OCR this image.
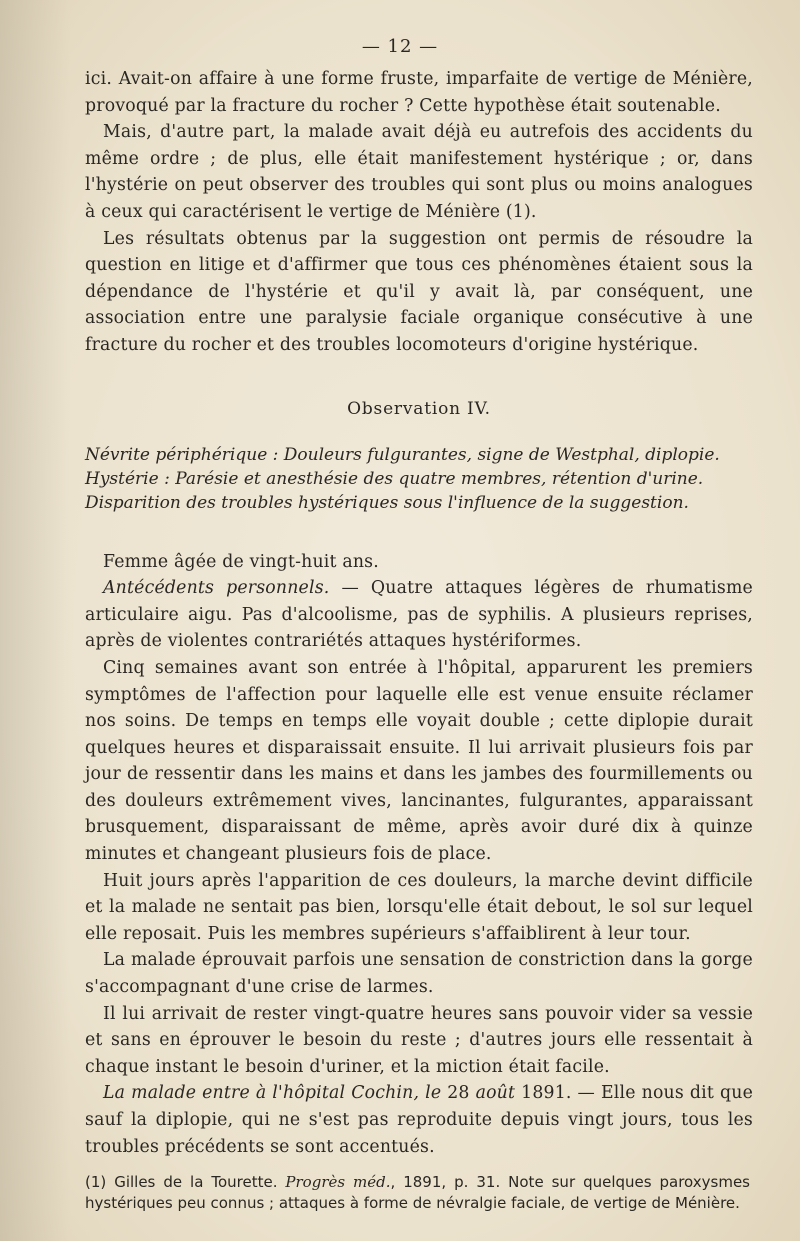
— 12 —

ici. Avait-on affaire à une forme fruste, imparfaite de vertige de Ménière, provoqué par la fracture du rocher ? Cette hypothèse était soutenable.

Mais, d'autre part, la malade avait déjà eu autrefois des accidents du même ordre ; de plus, elle était manifestement hystérique ; or, dans l'hystérie on peut observer des troubles qui sont plus ou moins analogues à ceux qui caractérisent le vertige de Ménière (1).

Les résultats obtenus par la suggestion ont permis de résoudre la question en litige et d'affirmer que tous ces phénomènes étaient sous la dépendance de l'hystérie et qu'il y avait là, par conséquent, une association entre une paralysie faciale organique consécutive à une fracture du rocher et des troubles locomoteurs d'origine hystérique.

Observation IV.
Névrite périphérique : Douleurs fulgurantes, signe de Westphal, diplopie.
Hystérie : Parésie et anesthésie des quatre membres, rétention d'urine.
Disparition des troubles hystériques sous l'influence de la suggestion.

Femme âgée de vingt-huit ans.

Antécédents personnels. — Quatre attaques légères de rhumatisme articulaire aigu. Pas d'alcoolisme, pas de syphilis. A plusieurs reprises, après de violentes contrariétés attaques hystériformes.

Cinq semaines avant son entrée à l'hôpital, apparurent les premiers symptômes de l'affection pour laquelle elle est venue ensuite réclamer nos soins. De temps en temps elle voyait double ; cette diplopie durait quelques heures et disparaissait ensuite. Il lui arrivait plusieurs fois par jour de ressentir dans les mains et dans les jambes des fourmillements ou des douleurs extrêmement vives, lancinantes, fulgurantes, apparaissant brusquement, disparaissant de même, après avoir duré dix à quinze minutes et changeant plusieurs fois de place.

Huit jours après l'apparition de ces douleurs, la marche devint difficile et la malade ne sentait pas bien, lorsqu'elle était debout, le sol sur lequel elle reposait. Puis les membres supérieurs s'affaiblirent à leur tour.

La malade éprouvait parfois une sensation de constriction dans la gorge s'accompagnant d'une crise de larmes.

Il lui arrivait de rester vingt-quatre heures sans pouvoir vider sa vessie et sans en éprouver le besoin du reste ; d'autres jours elle ressentait à chaque instant le besoin d'uriner, et la miction était facile.

La malade entre à l'hôpital Cochin, le 28 août 1891. — Elle nous dit que sauf la diplopie, qui ne s'est pas reproduite depuis vingt jours, tous les troubles précédents se sont accentués.

(1) Gilles de la Tourette. Progrès méd., 1891, p. 31. Note sur quelques paroxysmes hystériques peu connus ; attaques à forme de névralgie faciale, de vertige de Ménière.
